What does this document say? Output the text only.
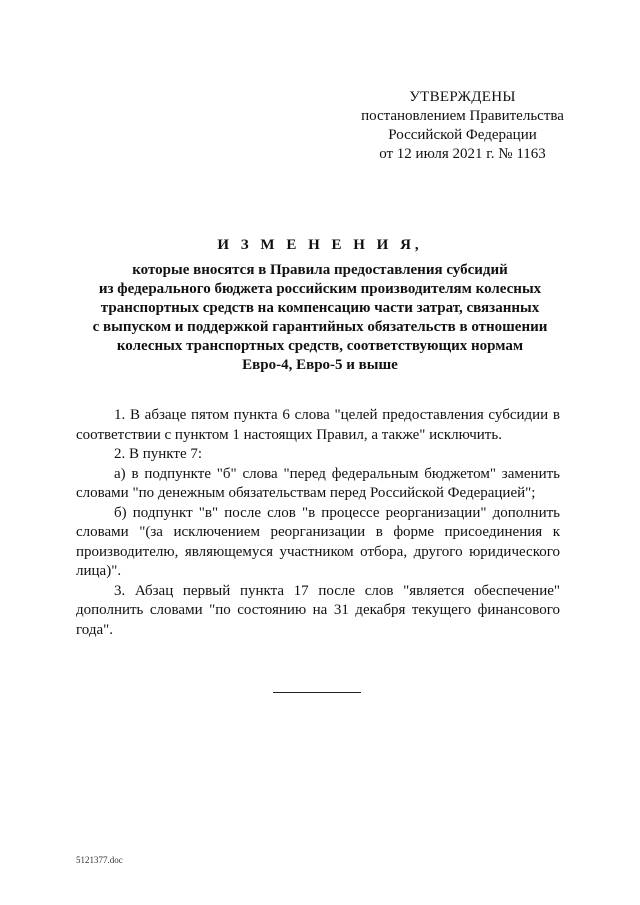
УТВЕРЖДЕНЫ
постановлением Правительства
Российской Федерации
от 12 июля 2021 г. № 1163
И З М Е Н Е Н И Я,
которые вносятся в Правила предоставления субсидий
из федерального бюджета российским производителям колесных
транспортных средств на компенсацию части затрат, связанных
с выпуском и поддержкой гарантийных обязательств в отношении
колесных транспортных средств, соответствующих нормам
Евро-4, Евро-5 и выше

1. В абзаце пятом пункта 6 слова "целей предоставления субсидии в соответствии с пунктом 1 настоящих Правил, а также" исключить.

2. В пункте 7:

а) в подпункте "б" слова "перед федеральным бюджетом" заменить словами "по денежным обязательствам перед Российской Федерацией";

б) подпункт "в" после слов "в процессе реорганизации" дополнить словами "(за исключением реорганизации в форме присоединения к производителю, являющемуся участником отбора, другого юридического лица)".

3. Абзац первый пункта 17 после слов "является обеспечение" дополнить словами "по состоянию на 31 декабря текущего финансового года".

5121377.doc
